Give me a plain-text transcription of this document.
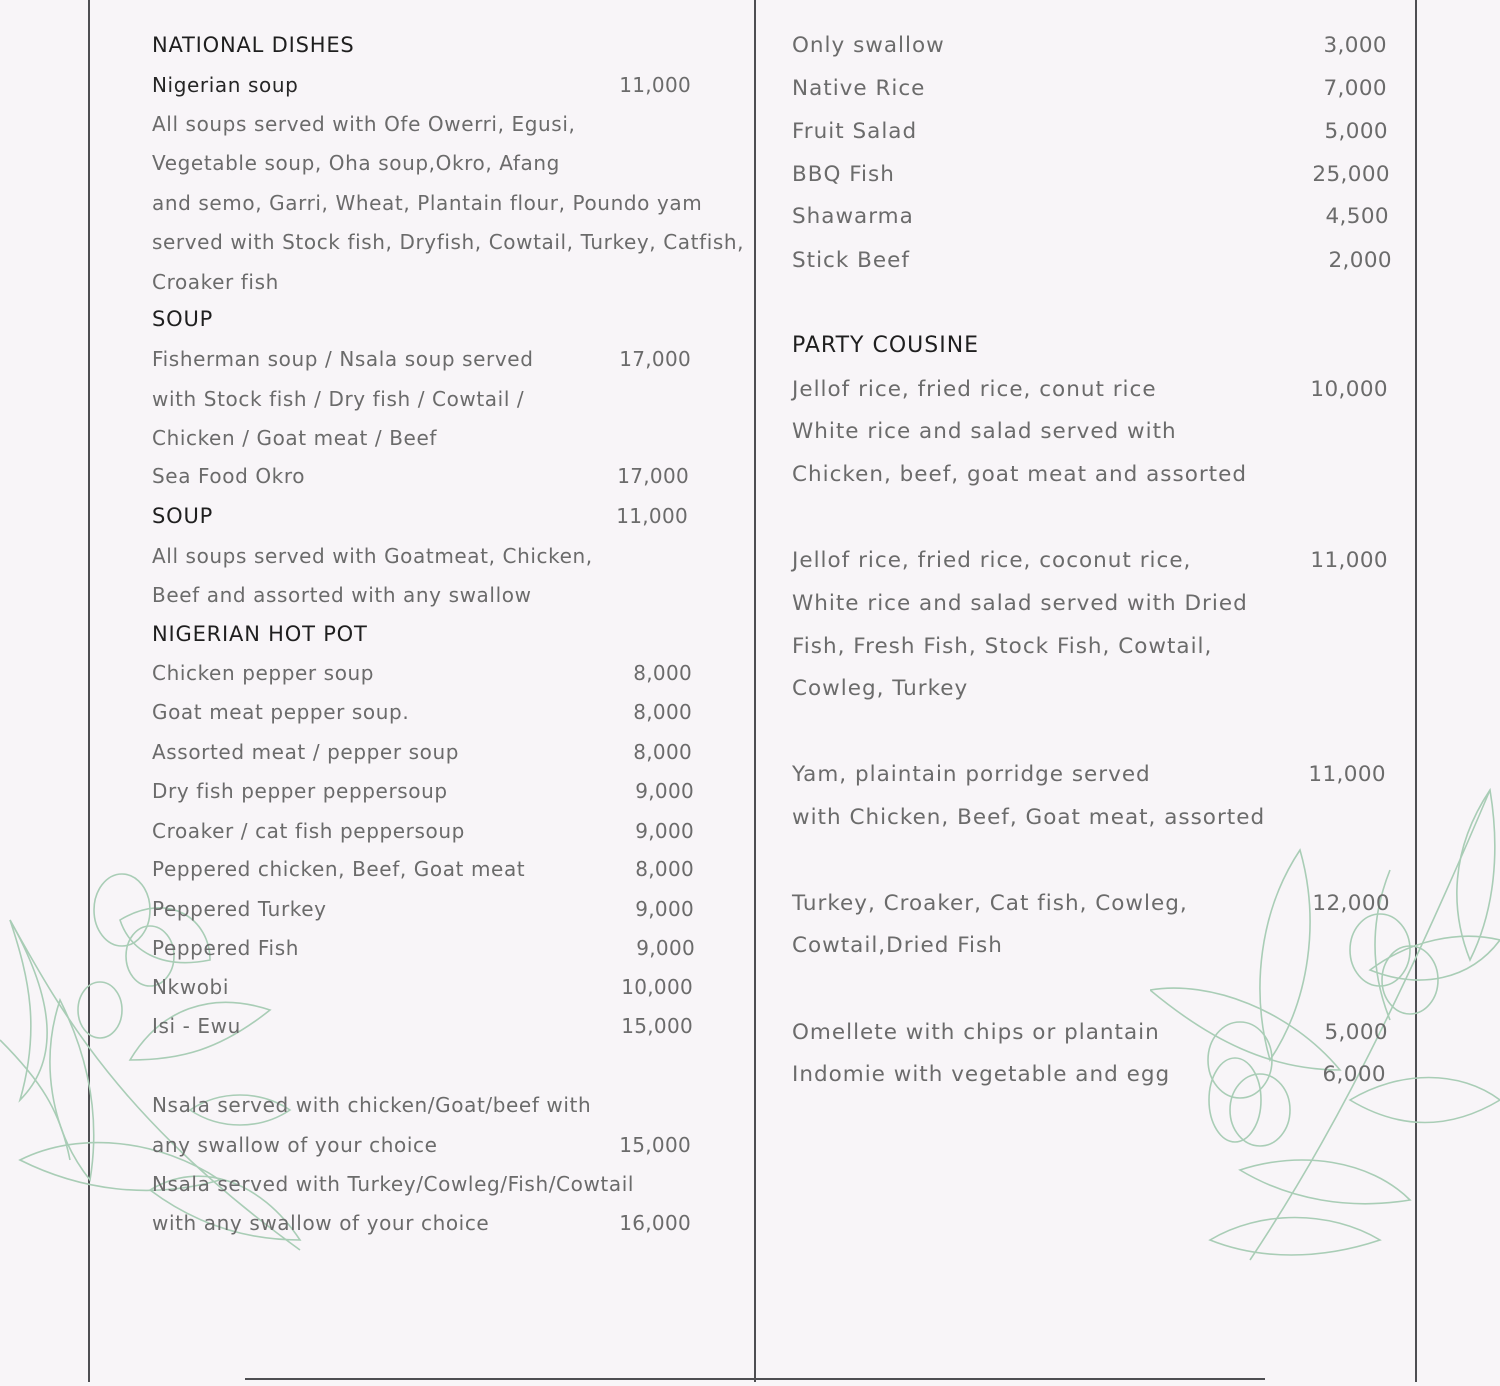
NATIONAL DISHES
Nigerian soup	11,000
All soups served with Ofe Owerri, Egusi,
Vegetable soup, Oha soup,Okro, Afang
and semo, Garri, Wheat, Plantain flour, Poundo yam
served with Stock fish, Dryfish, Cowtail, Turkey, Catfish,
Croaker fish
SOUP
Fisherman soup / Nsala soup served	17,000
with Stock fish / Dry fish / Cowtail /
Chicken / Goat meat / Beef
Sea Food Okro	17,000
SOUP	11,000
All soups served with Goatmeat, Chicken,
Beef and assorted with any swallow
NIGERIAN HOT POT
Chicken pepper soup	8,000
Goat meat pepper soup.	8,000
Assorted meat / pepper soup	8,000
Dry fish pepper peppersoup	9,000
Croaker / cat fish peppersoup	9,000
Peppered chicken, Beef, Goat meat	8,000
Peppered Turkey	9,000
Peppered Fish	9,000
Nkwobi	10,000
Isi - Ewu	15,000
Nsala served with chicken/Goat/beef with
any swallow of your choice	15,000
Nsala served with Turkey/Cowleg/Fish/Cowtail
with any swallow of your choice	16,000
Only swallow	3,000
Native Rice	7,000
Fruit Salad	5,000
BBQ Fish	25,000
Shawarma	4,500
Stick Beef	2,000
PARTY COUSINE
Jellof rice, fried rice, conut rice	10,000
White rice and salad served with
Chicken, beef, goat meat and assorted
Jellof rice, fried rice, coconut rice,	11,000
White rice and salad served with Dried
Fish, Fresh Fish, Stock Fish, Cowtail,
Cowleg, Turkey
Yam, plaintain porridge served	11,000
with Chicken, Beef, Goat meat, assorted
Turkey, Croaker, Cat fish, Cowleg,	12,000
Cowtail,Dried Fish
Omellete with chips or plantain	5,000
Indomie with vegetable and egg	6,000
